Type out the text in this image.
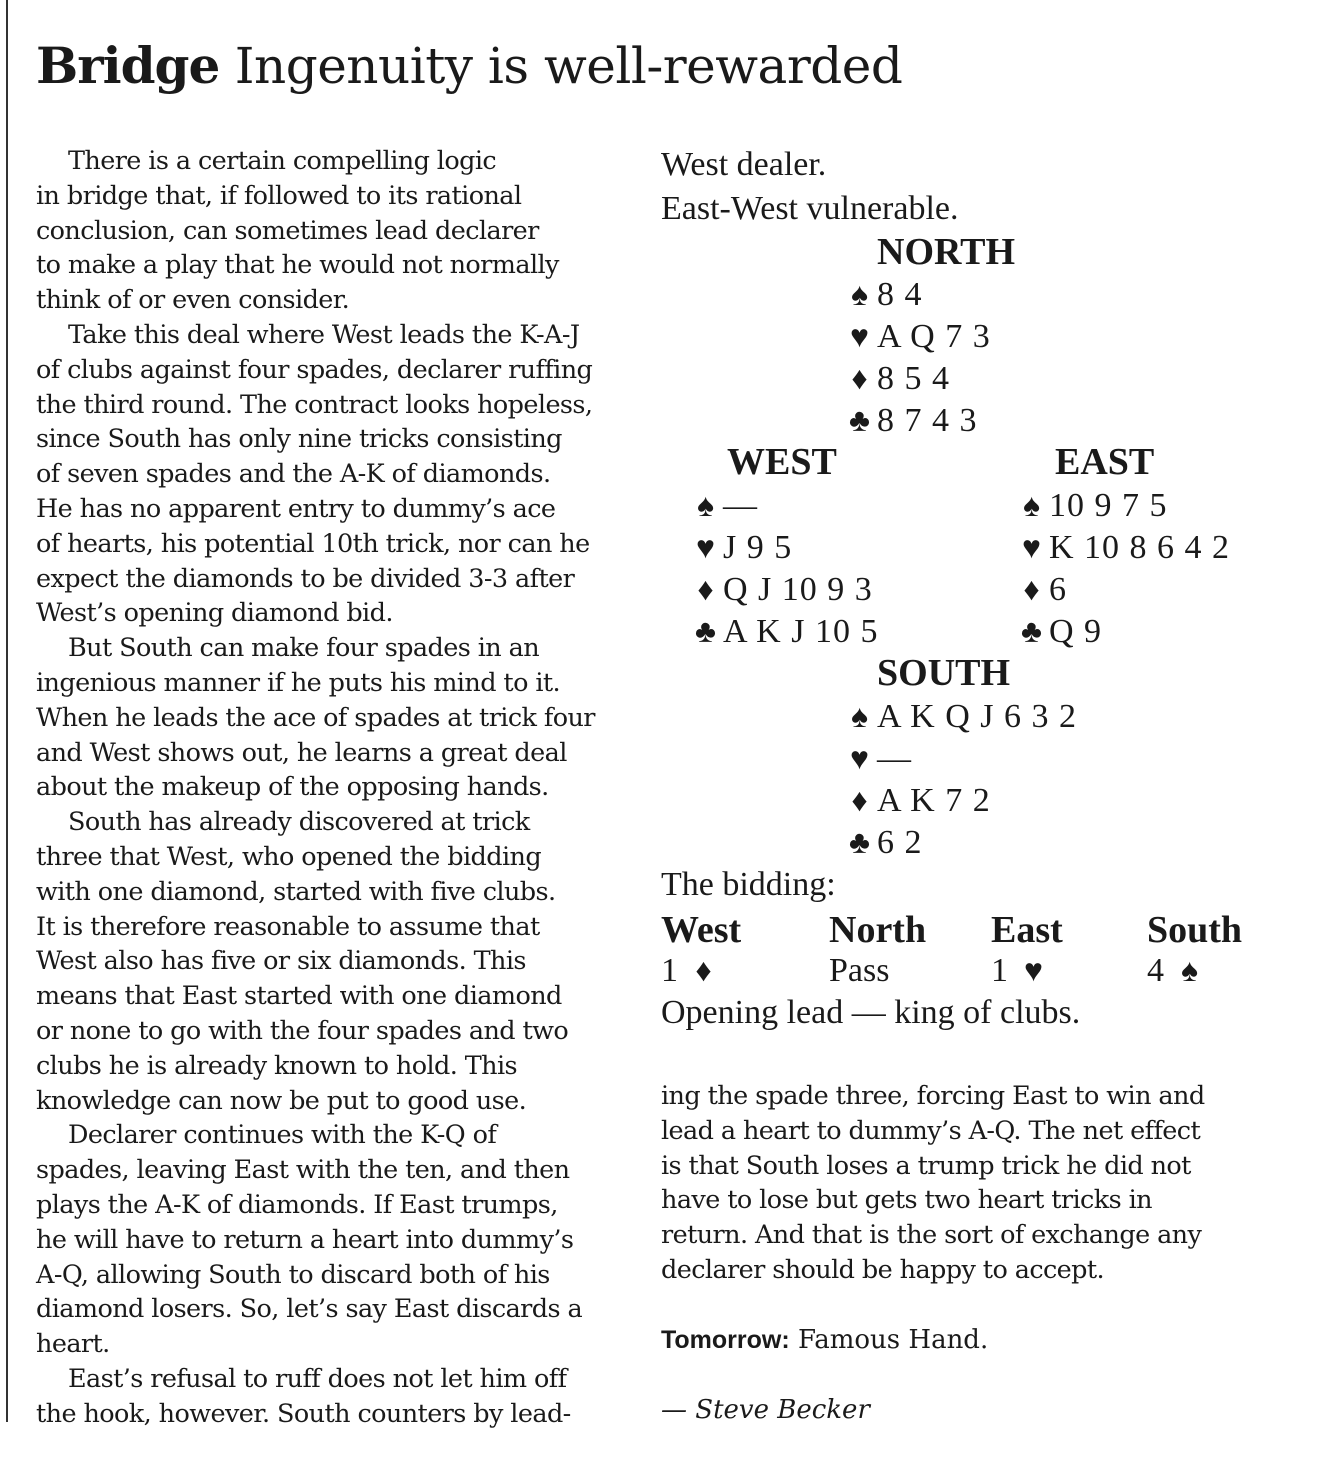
Bridge Ingenuity is well-rewarded

There is a certain compelling logic

in bridge that, if followed to its rational

conclusion, can sometimes lead declarer

to make a play that he would not normally

think of or even consider.

Take this deal where West leads the K-A-J

of clubs against four spades, declarer ruffing

the third round. The contract looks hopeless,

since South has only nine tricks consisting

of seven spades and the A-K of diamonds.

He has no apparent entry to dummy’s ace

of hearts, his potential 10th trick, nor can he

expect the diamonds to be divided 3-3 after

West’s opening diamond bid.

But South can make four spades in an

ingenious manner if he puts his mind to it.

When he leads the ace of spades at trick four

and West shows out, he learns a great deal

about the makeup of the opposing hands.

South has already discovered at trick

three that West, who opened the bidding

with one diamond, started with five clubs.

It is therefore reasonable to assume that

West also has five or six diamonds. This

means that East started with one diamond

or none to go with the four spades and two

clubs he is already known to hold. This

knowledge can now be put to good use.

Declarer continues with the K-Q of

spades, leaving East with the ten, and then

plays the A-K of diamonds. If East trumps,

he will have to return a heart into dummy’s

A-Q, allowing South to discard both of his

diamond losers. So, let’s say East discards a

heart.

East’s refusal to ruff does not let him off

the hook, however. South counters by lead-

West dealer.
East-West vulnerable.
NORTH
♠ 8 4
♥ A Q 7 3
♦ 8 5 4
♣ 8 7 4 3
WEST
♠ —
♥ J 9 5
♦ Q J 10 9 3
♣ A K J 10 5
EAST
♠ 10 9 7 5
♥ K 10 8 6 4 2
♦ 6
♣ Q 9
SOUTH
♠ A K Q J 6 3 2
♥ —
♦ A K 7 2
♣ 6 2
The bidding:
West North East South
1 ♦	Pass	1 ♥	4 ♠
Opening lead — king of clubs.

ing the spade three, forcing East to win and

lead a heart to dummy’s A-Q. The net effect

is that South loses a trump trick he did not

have to lose but gets two heart tricks in

return. And that is the sort of exchange any

declarer should be happy to accept.

Tomorrow: Famous Hand.
— Steve Becker
